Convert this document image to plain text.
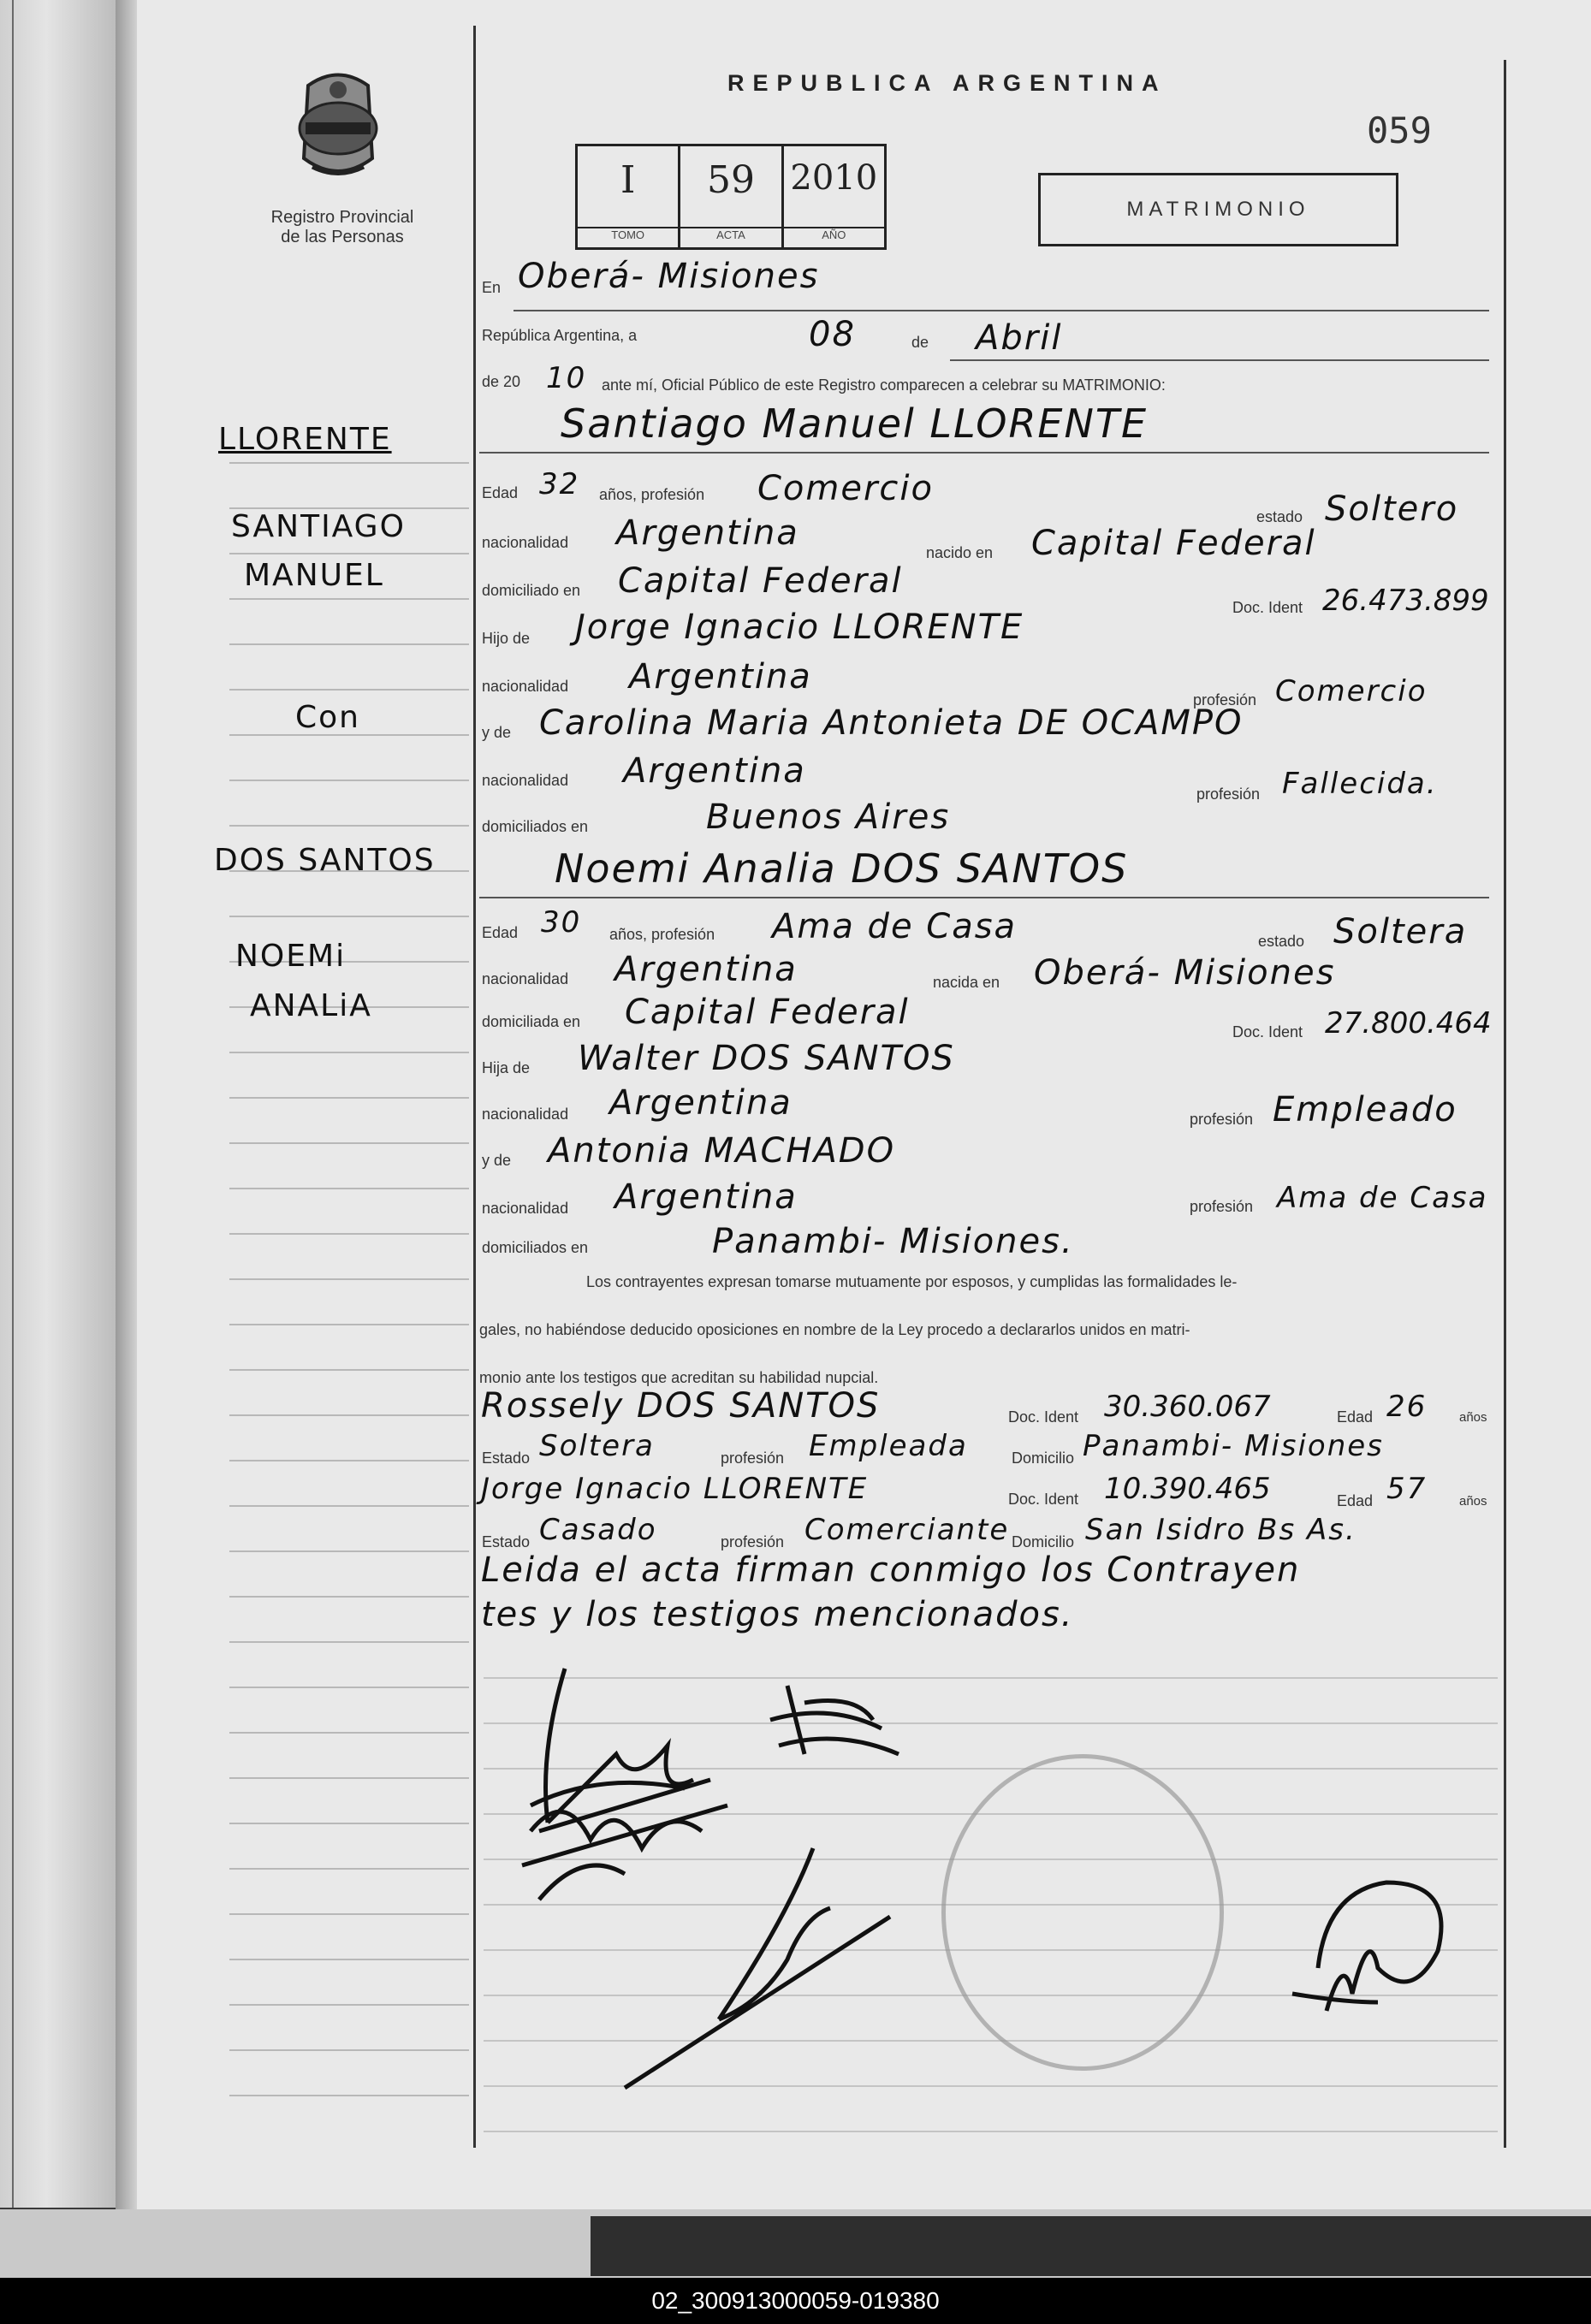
Registro Provincial
de las Personas
REPUBLICA ARGENTINA
059
I
TOMO
59
ACTA
2010
AÑO
MATRIMONIO
LLORENTE
SANTIAGO
MANUEL
Con
DOS SANTOS
NOEMi
ANALiA
En Oberá- Misiones
República Argentina, a	08	de Abril
de 20 10 ante mí, Oficial Público de este Registro comparecen a celebrar su MATRIMONIO:
Santiago Manuel LLORENTE
Edad 32 años, profesión Comercio
estado Soltero
nacionalidad Argentina	nacido en Capital Federal
domiciliado en Capital Federal
Doc. Ident 26.473.899
Hijo de Jorge Ignacio LLORENTE
nacionalidad Argentina
profesión Comercio
y de Carolina Maria Antonieta DE OCAMPO
nacionalidad Argentina
profesión Fallecida.
domiciliados en	Buenos Aires
Noemi Analia DOS SANTOS
Edad 30 años, profesión Ama de Casa	estado Soltera
nacionalidad Argentina	nacida en Oberá- Misiones
domiciliada en Capital Federal	Doc. Ident 27.800.464
Hija de Walter DOS SANTOS
nacionalidad Argentina	profesión Empleado
y de Antonia MACHADO
nacionalidad Argentina	profesión Ama de Casa
domiciliados en	Panambi- Misiones.
Los contrayentes expresan tomarse mutuamente por esposos, y cumplidas las formalidades le-
gales, no habiéndose deducido oposiciones en nombre de la Ley procedo a declararlos unidos en matri-
monio ante los testigos que acreditan su habilidad nupcial.
Rossely DOS SANTOS	Doc. Ident 30.360.067	Edad 26	años
Estado Soltera	profesión Empleada	Domicilio Panambi- Misiones
Jorge Ignacio LLORENTE	Doc. Ident 10.390.465	Edad 57	años
Estado Casado	profesión Comerciante Domicilio San Isidro Bs As.
Leida el acta firman conmigo los Contrayen
tes y los testigos mencionados.
02_300913000059-019380
